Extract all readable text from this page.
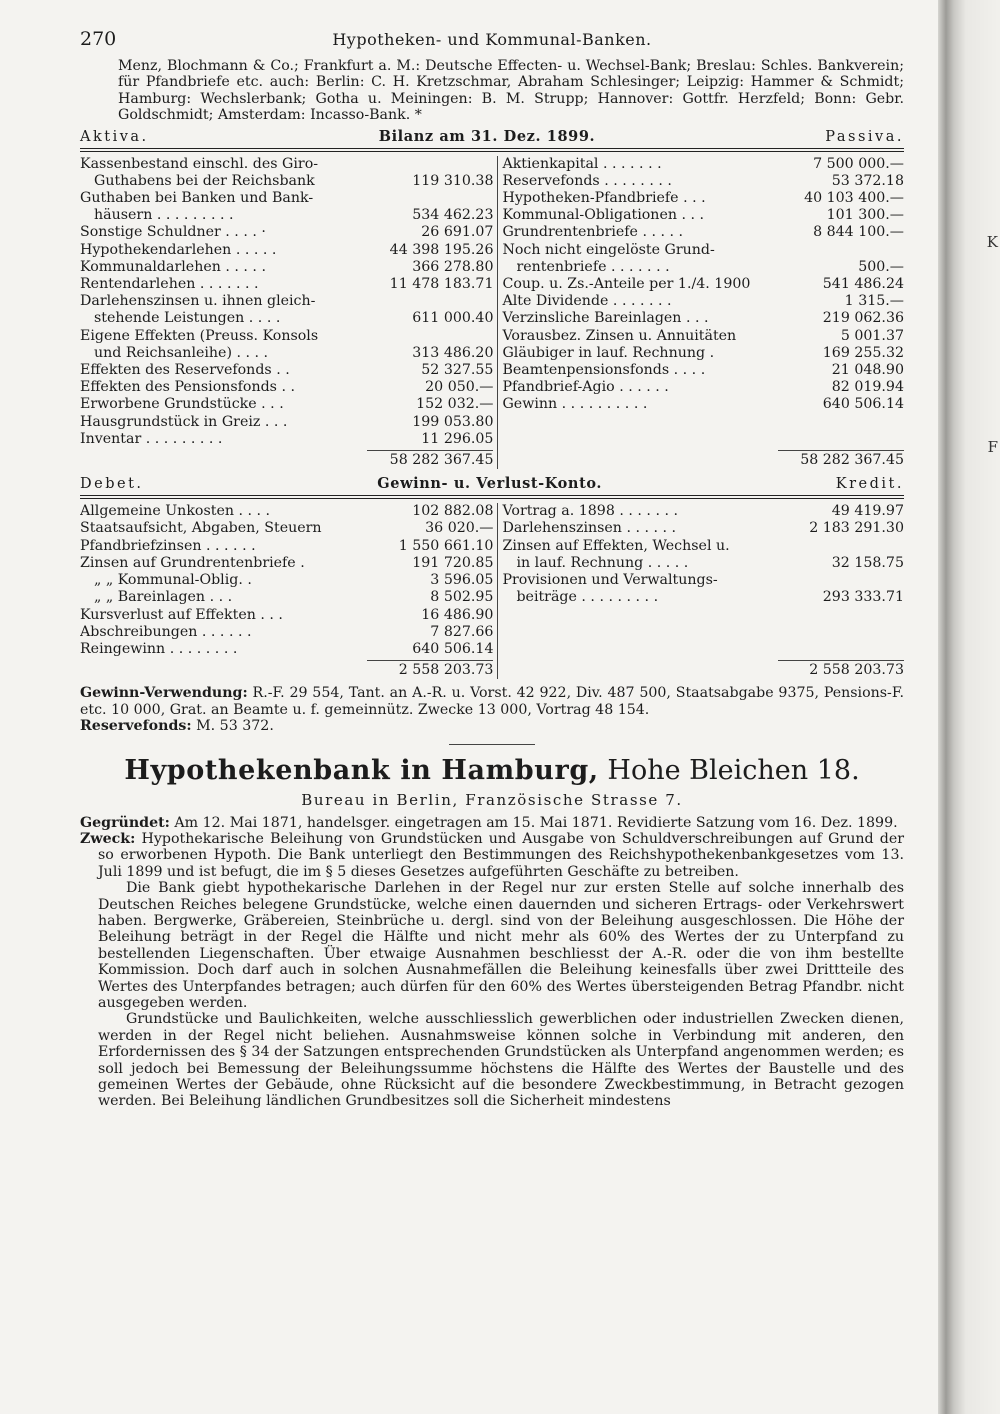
K
F
270	Hypotheken- und Kommunal-Banken.
Menz, Blochmann & Co.; Frankfurt a. M.: Deutsche Effecten- u. Wechsel-Bank; Breslau: Schles. Bankverein; für Pfandbriefe etc. auch: Berlin: C. H. Kretzschmar, Abraham Schlesinger; Leipzig: Hammer & Schmidt; Hamburg: Wechslerbank; Gotha u. Meiningen: B. M. Strupp; Hannover: Gottfr. Herzfeld; Bonn: Gebr. Goldschmidt; Amsterdam: Incasso-Bank. *
Aktiva.	Bilanz am 31. Dez. 1899.	Passiva.
Kassenbestand einschl. des Giro-
Guthabens bei der Reichsbank	119 310.38
Guthaben bei Banken und Bank-
häusern . . . . . . . . .	534 462.23
Sonstige Schuldner . . . . ·	26 691.07
Hypothekendarlehen . . . . .	44 398 195.26
Kommunaldarlehen . . . . .	366 278.80
Rentendarlehen . . . . . . .	11 478 183.71
Darlehenszinsen u. ihnen gleich-
stehende Leistungen . . . .	611 000.40
Eigene Effekten (Preuss. Konsols
und Reichsanleihe) . . . .	313 486.20
Effekten des Reservefonds . .	52 327.55
Effekten des Pensionsfonds . .	20 050.—
Erworbene Grundstücke . . .	152 032.—
Hausgrundstück in Greiz . . .	199 053.80
Inventar . . . . . . . . .	11 296.05
58 282 367.45
Aktienkapital . . . . . . .	7 500 000.—
Reservefonds . . . . . . . .	53 372.18
Hypotheken-Pfandbriefe . . .	40 103 400.—
Kommunal-Obligationen . . .	101 300.—
Grundrentenbriefe . . . . .	8 844 100.—
Noch nicht eingelöste Grund-
rentenbriefe . . . . . . .	500.—
Coup. u. Zs.-Anteile per 1./4. 1900	541 486.24
Alte Dividende . . . . . . .	1 315.—
Verzinsliche Bareinlagen . . .	219 062.36
Vorausbez. Zinsen u. Annuitäten	5 001.37
Gläubiger in lauf. Rechnung .	169 255.32
Beamtenpensionsfonds . . . .	21 048.90
Pfandbrief-Agio . . . . . .	82 019.94
Gewinn . . . . . . . . . .	640 506.14
58 282 367.45
Debet.	Gewinn- u. Verlust-Konto.	Kredit.
Allgemeine Unkosten . . . .	102 882.08
Staatsaufsicht, Abgaben, Steuern	36 020.—
Pfandbriefzinsen . . . . . .	1 550 661.10
Zinsen auf Grundrentenbriefe .	191 720.85
„ „ Kommunal-Oblig. .	3 596.05
„ „ Bareinlagen . . .	8 502.95
Kursverlust auf Effekten . . .	16 486.90
Abschreibungen . . . . . .	7 827.66
Reingewinn . . . . . . . .	640 506.14
2 558 203.73
Vortrag a. 1898 . . . . . . .	49 419.97
Darlehenszinsen . . . . . .	2 183 291.30
Zinsen auf Effekten, Wechsel u.
in lauf. Rechnung . . . . .	32 158.75
Provisionen und Verwaltungs-
beiträge . . . . . . . . .	293 333.71
2 558 203.73
Gewinn-Verwendung: R.-F. 29 554, Tant. an A.-R. u. Vorst. 42 922, Div. 487 500, Staatsabgabe 9375, Pensions-F. etc. 10 000, Grat. an Beamte u. f. gemeinnütz. Zwecke 13 000, Vortrag 48 154.
Reservefonds: M. 53 372.
Hypothekenbank in Hamburg, Hohe Bleichen 18.
Bureau in Berlin, Französische Strasse 7.
Gegründet: Am 12. Mai 1871, handelsger. eingetragen am 15. Mai 1871. Revidierte Satzung vom 16. Dez. 1899.
Zweck: Hypothekarische Beleihung von Grundstücken und Ausgabe von Schuldverschreibungen auf Grund der so erworbenen Hypoth. Die Bank unterliegt den Bestimmungen des Reichshypothekenbankgesetzes vom 13. Juli 1899 und ist befugt, die im § 5 dieses Gesetzes aufgeführten Geschäfte zu betreiben.
Die Bank giebt hypothekarische Darlehen in der Regel nur zur ersten Stelle auf solche innerhalb des Deutschen Reiches belegene Grundstücke, welche einen dauernden und sicheren Ertrags- oder Verkehrswert haben. Bergwerke, Gräbereien, Steinbrüche u. dergl. sind von der Beleihung ausgeschlossen. Die Höhe der Beleihung beträgt in der Regel die Hälfte und nicht mehr als 60% des Wertes der zu Unterpfand zu bestellenden Liegenschaften. Über etwaige Ausnahmen beschliesst der A.-R. oder die von ihm bestellte Kommission. Doch darf auch in solchen Ausnahmefällen die Beleihung keinesfalls über zwei Drittteile des Wertes des Unterpfandes betragen; auch dürfen für den 60% des Wertes übersteigenden Betrag Pfandbr. nicht ausgegeben werden.
Grundstücke und Baulichkeiten, welche ausschliesslich gewerblichen oder industriellen Zwecken dienen, werden in der Regel nicht beliehen. Ausnahmsweise können solche in Verbindung mit anderen, den Erfordernissen des § 34 der Satzungen entsprechenden Grundstücken als Unterpfand angenommen werden; es soll jedoch bei Bemessung der Beleihungssumme höchstens die Hälfte des Wertes der Baustelle und des gemeinen Wertes der Gebäude, ohne Rücksicht auf die besondere Zweckbestimmung, in Betracht gezogen werden. Bei Beleihung ländlichen Grundbesitzes soll die Sicherheit mindestens
